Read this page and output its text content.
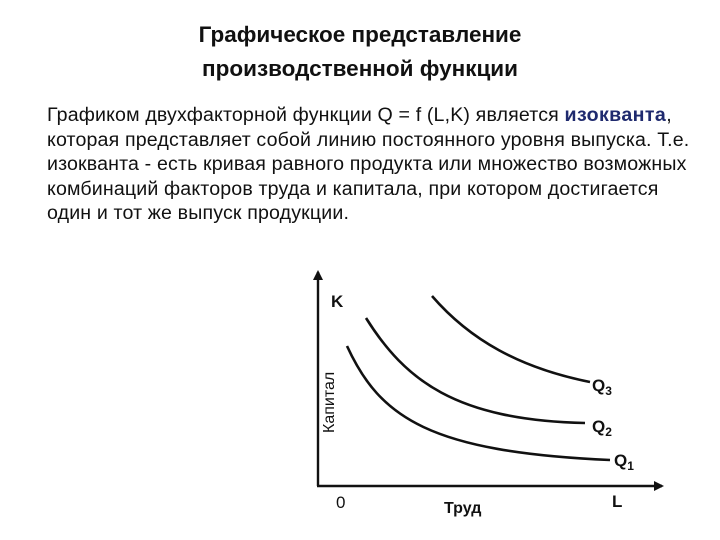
Графическое представление
производственной функции
Графиком двухфакторной функции Q = f (L,K) является изокванта, которая представляет собой линию постоянного уровня выпуска. Т.е. изокванта - есть кривая равного продукта или множество возможных комбинаций факторов труда и капитала, при котором достигается один и тот же выпуск продукции.
K
Капитал
0	Труд	L
$Q_3$
$Q_2$
$Q_1$
